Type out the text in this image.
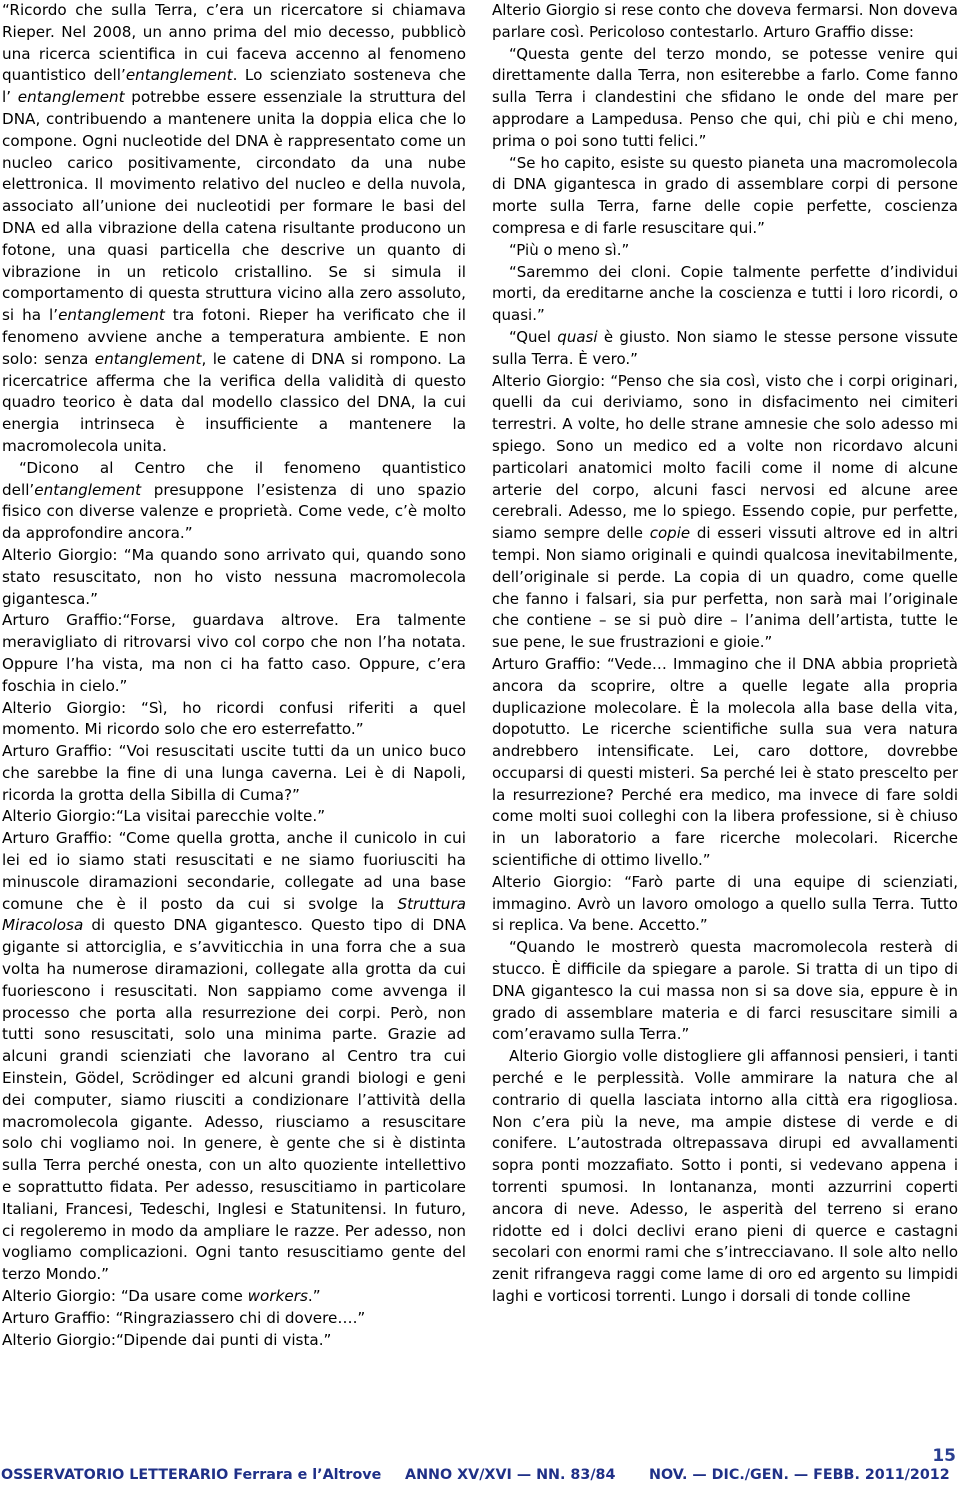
“Ricordo che sulla Terra, c’era un ricercatore si chiamava Rieper. Nel 2008, un anno prima del mio decesso, pubblicò una ricerca scientifica in cui faceva accenno al fenomeno quantistico dell’entanglement. Lo scienziato sosteneva che l’ entanglement potrebbe essere essenziale la struttura del DNA, contribuendo a mantenere unita la doppia elica che lo compone. Ogni nucleotide del DNA è rappresentato come un nucleo carico positivamente, circondato da una nube elettronica. Il movimento relativo del nucleo e della nuvola, associato all’unione dei nucleotidi per formare le basi del DNA ed alla vibrazione della catena risultante producono un fotone, una quasi particella che descrive un quanto di vibrazione in un reticolo cristallino. Se si simula il comportamento di questa struttura vicino alla zero assoluto, si ha l’entanglement tra fotoni. Rieper ha verificato che il fenomeno avviene anche a temperatura ambiente. E non solo: senza entanglement, le catene di DNA si rompono. La ricercatrice afferma che la verifica della validità di questo quadro teorico è data dal modello classico del DNA, la cui energia intrinseca è insufficiente a mantenere la macromolecola unita.

“Dicono al Centro che il fenomeno quantistico dell’entanglement presuppone l’esistenza di uno spazio fisico con diverse valenze e proprietà. Come vede, c’è molto da approfondire ancora.”

Alterio Giorgio: “Ma quando sono arrivato qui, quando sono stato resuscitato, non ho visto nessuna macromolecola gigantesca.”

Arturo Graffio:“Forse, guardava altrove. Era talmente meravigliato di ritrovarsi vivo col corpo che non l’ha notata. Oppure l’ha vista, ma non ci ha fatto caso. Oppure, c’era foschia in cielo.”

Alterio Giorgio: “Sì, ho ricordi confusi riferiti a quel momento. Mi ricordo solo che ero esterrefatto.”

Arturo Graffio: “Voi resuscitati uscite tutti da un unico buco che sarebbe la fine di una lunga caverna. Lei è di Napoli, ricorda la grotta della Sibilla di Cuma?”

Alterio Giorgio:“La visitai parecchie volte.”

Arturo Graffio: “Come quella grotta, anche il cunicolo in cui lei ed io siamo stati resuscitati e ne siamo fuoriusciti ha minuscole diramazioni secondarie, collegate ad una base comune che è il posto da cui si svolge la Struttura Miracolosa di questo DNA gigantesco. Questo tipo di DNA gigante si attorciglia, e s’avviticchia in una forra che a sua volta ha numerose diramazioni, collegate alla grotta da cui fuoriescono i resuscitati. Non sappiamo come avvenga il processo che porta alla resurrezione dei corpi. Però, non tutti sono resuscitati, solo una minima parte. Grazie ad alcuni grandi scienziati che lavorano al Centro tra cui Einstein, Gödel, Scrödinger ed alcuni grandi biologi e geni dei computer, siamo riusciti a condizionare l’attività della macromolecola gigante. Adesso, riusciamo a resuscitare solo chi vogliamo noi. In genere, è gente che si è distinta sulla Terra perché onesta, con un alto quoziente intellettivo e soprattutto fidata. Per adesso, resuscitiamo in particolare Italiani, Francesi, Tedeschi, Inglesi e Statunitensi. In futuro, ci regoleremo in modo da ampliare le razze. Per adesso, non vogliamo complicazioni. Ogni tanto resuscitiamo gente del terzo Mondo.”

Alterio Giorgio: “Da usare come workers.”

Arturo Graffio: “Ringraziassero chi di dovere….”

Alterio Giorgio:“Dipende dai punti di vista.”

Alterio Giorgio si rese conto che doveva fermarsi. Non doveva parlare così. Pericoloso contestarlo. Arturo Graffio disse:

“Questa gente del terzo mondo, se potesse venire qui direttamente dalla Terra, non esiterebbe a farlo. Come fanno sulla Terra i clandestini che sfidano le onde del mare per approdare a Lampedusa. Penso che qui, chi più e chi meno, prima o poi sono tutti felici.”

“Se ho capito, esiste su questo pianeta una macromolecola di DNA gigantesca in grado di assemblare corpi di persone morte sulla Terra, farne delle copie perfette, coscienza compresa e di farle resuscitare qui.”

“Più o meno sì.”

“Saremmo dei cloni. Copie talmente perfette d’individui morti, da ereditarne anche la coscienza e tutti i loro ricordi, o quasi.”

“Quel quasi è giusto. Non siamo le stesse persone vissute sulla Terra. È vero.”

Alterio Giorgio: “Penso che sia così, visto che i corpi originari, quelli da cui deriviamo, sono in disfacimento nei cimiteri terrestri. A volte, ho delle strane amnesie che solo adesso mi spiego. Sono un medico ed a volte non ricordavo alcuni particolari anatomici molto facili come il nome di alcune arterie del corpo, alcuni fasci nervosi ed alcune aree cerebrali. Adesso, me lo spiego. Essendo copie, pur perfette, siamo sempre delle copie di esseri vissuti altrove ed in altri tempi. Non siamo originali e quindi qualcosa inevitabilmente, dell’originale si perde. La copia di un quadro, come quelle che fanno i falsari, sia pur perfetta, non sarà mai l’originale che contiene – se si può dire – l’anima dell’artista, tutte le sue pene, le sue frustrazioni e gioie.”

Arturo Graffio: “Vede… Immagino che il DNA abbia proprietà ancora da scoprire, oltre a quelle legate alla propria duplicazione molecolare. È la molecola alla base della vita, dopotutto. Le ricerche scientifiche sulla sua vera natura andrebbero intensificate. Lei, caro dottore, dovrebbe occuparsi di questi misteri. Sa perché lei è stato prescelto per la resurrezione? Perché era medico, ma invece di fare soldi come molti suoi colleghi con la libera professione, si è chiuso in un laboratorio a fare ricerche molecolari. Ricerche scientifiche di ottimo livello.”

Alterio Giorgio: “Farò parte di una equipe di scienziati, immagino. Avrò un lavoro omologo a quello sulla Terra. Tutto si replica. Va bene. Accetto.”

“Quando le mostrerò questa macromolecola resterà di stucco. È difficile da spiegare a parole. Si tratta di un tipo di DNA gigantesco la cui massa non si sa dove sia, eppure è in grado di assemblare materia e di farci resuscitare simili a com’eravamo sulla Terra.”

Alterio Giorgio volle distogliere gli affannosi pensieri, i tanti perché e le perplessità. Volle ammirare la natura che al contrario di quella lasciata intorno alla città era rigogliosa. Non c’era più la neve, ma ampie distese di verde e di conifere. L’autostrada oltrepassava dirupi ed avvallamenti sopra ponti mozzafiato. Sotto i ponti, si vedevano appena i torrenti spumosi. In lontananza, monti azzurrini coperti ancora di neve. Adesso, le asperità del terreno si erano ridotte ed i dolci declivi erano pieni di querce e castagni secolari con enormi rami che s’intrecciavano. Il sole alto nello zenit rifrangeva raggi come lame di oro ed argento su limpidi laghi e vorticosi torrenti. Lungo i dorsali di tonde colline

15
OSSERVATORIO LETTERARIO Ferrara e l’Altrove ANNO XV/XVI — NN. 83/84 NOV. — DIC./GEN. — FEBB. 2011/2012
